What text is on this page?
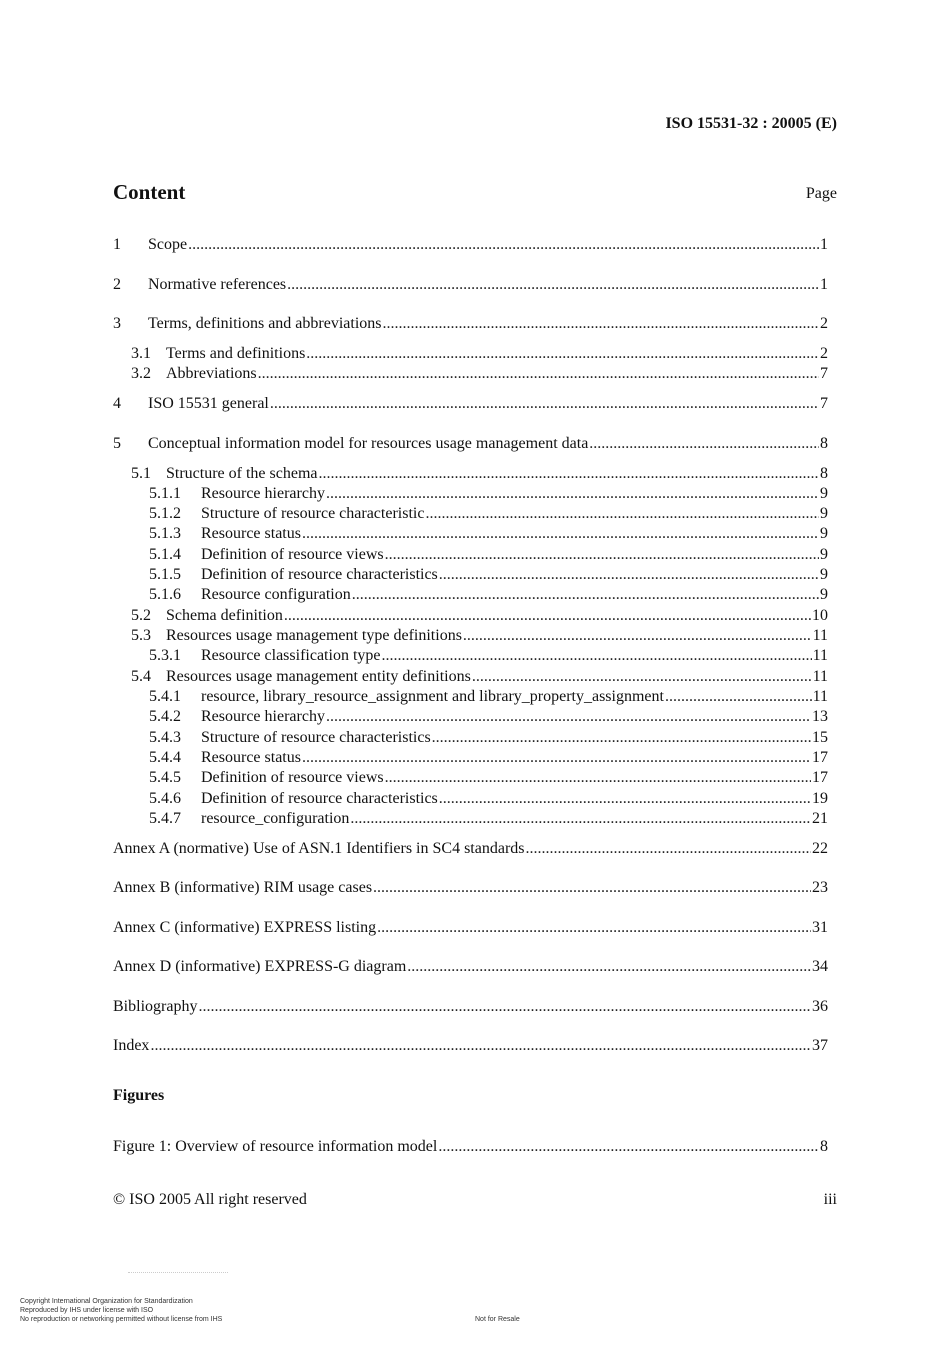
ISO 15531-32 : 20005 (E)
Content	Page
1	Scope .....	1
2	Normative references .....	1
3	Terms, definitions and abbreviations .....	2
3.1 Terms and definitions .....	2
3.2 Abbreviations .....	7
4	ISO 15531 general .....	7
5	Conceptual information model for resources usage management data .....	8
5.1 Structure of the schema .....	8
5.1.1	Resource hierarchy .....	9
5.1.2	Structure of resource characteristic .....	9
5.1.3	Resource status .....	9
5.1.4	Definition of resource views .....	9
5.1.5	Definition of resource characteristics .....	9
5.1.6	Resource configuration .....	9
5.2 Schema definition .....	10
5.3 Resources usage management type definitions .....	11
5.3.1	Resource classification type .....	11
5.4 Resources usage management entity definitions .....	11
5.4.1	resource, library_resource_assignment and library_property_assignment .....	11
5.4.2	Resource hierarchy .....	13
5.4.3	Structure of resource characteristics .....	15
5.4.4	Resource status .....	17
5.4.5	Definition of resource views .....	17
5.4.6	Definition of resource characteristics .....	19
5.4.7	resource_configuration .....	21
Annex A (normative) Use of ASN.1 Identifiers in SC4 standards .....	22
Annex B (informative) RIM usage cases .....	23
Annex C (informative) EXPRESS listing .....	31
Annex D (informative) EXPRESS-G diagram .....	34
Bibliography .....	36
Index .....	37
Figures
Figure 1: Overview of resource information model .....	8
© ISO 2005 All right reserved	iii
Copyright International Organization for Standardization
Reproduced by IHS under license with ISO
No reproduction or networking permitted without license from IHS	Not for Resale
